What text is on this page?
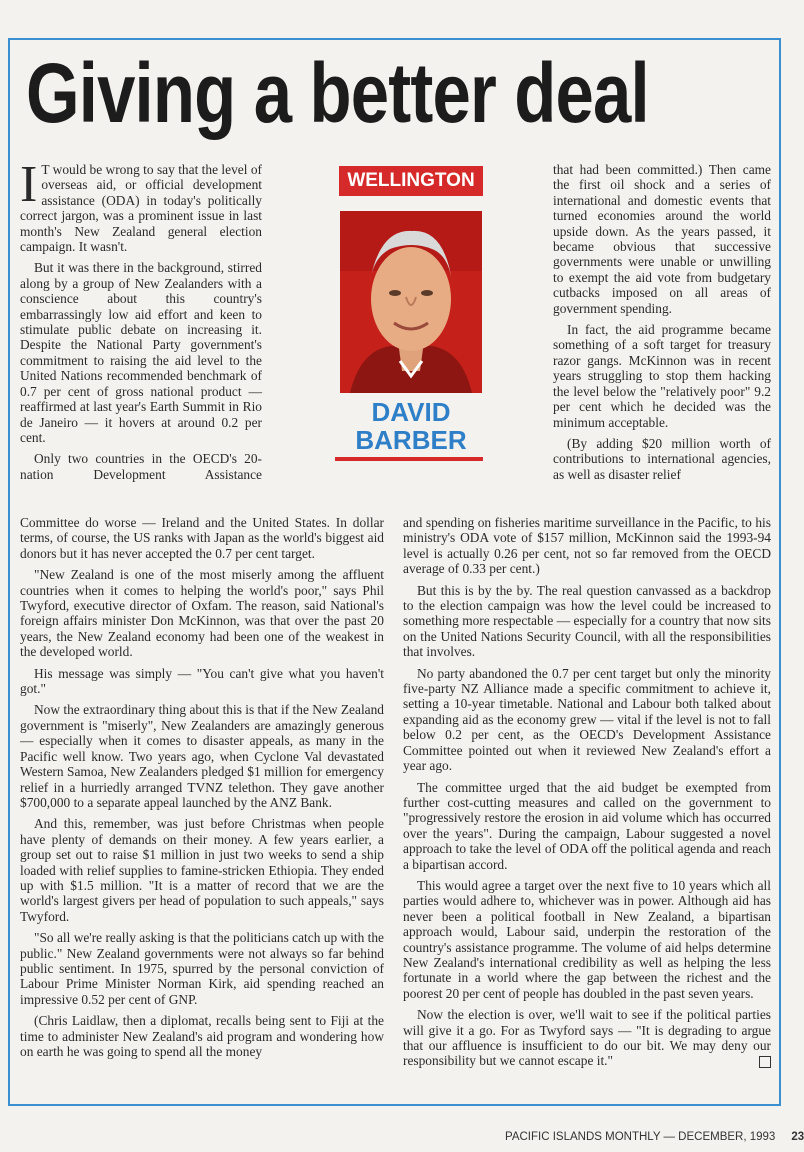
Giving a better deal

I T would be wrong to say that the level of overseas aid, or official development assistance (ODA) in today's politically correct jargon, was a prominent issue in last month's New Zealand general election campaign. It wasn't.

But it was there in the background, stirred along by a group of New Zealanders with a conscience about this country's embarrassingly low aid effort and keen to stimulate public debate on increasing it. Despite the National Party government's commitment to raising the aid level to the United Nations recommended benchmark of 0.7 per cent of gross national product — reaffirmed at last year's Earth Summit in Rio de Janeiro — it hovers at around 0.2 per cent.

Only two countries in the OECD's 20-nation Development Assistance

WELLINGTON
DAVID
BARBER

that had been committed.) Then came the first oil shock and a series of international and domestic events that turned economies around the world upside down. As the years passed, it became obvious that successive governments were unable or unwilling to exempt the aid vote from budgetary cutbacks imposed on all areas of government spending.

In fact, the aid programme became something of a soft target for treasury razor gangs. McKinnon was in recent years struggling to stop them hacking the level below the "relatively poor" 9.2 per cent which he decided was the minimum acceptable.

(By adding $20 million worth of contributions to international agencies, as well as disaster relief

Committee do worse — Ireland and the United States. In dollar terms, of course, the US ranks with Japan as the world's biggest aid donors but it has never accepted the 0.7 per cent target.

"New Zealand is one of the most miserly among the affluent countries when it comes to helping the world's poor," says Phil Twyford, executive director of Oxfam. The reason, said National's foreign affairs minister Don McKinnon, was that over the past 20 years, the New Zealand economy had been one of the weakest in the developed world.

His message was simply — "You can't give what you haven't got."

Now the extraordinary thing about this is that if the New Zealand government is "miserly", New Zealanders are amazingly generous — especially when it comes to disaster appeals, as many in the Pacific well know. Two years ago, when Cyclone Val devastated Western Samoa, New Zealanders pledged $1 million for emergency relief in a hurriedly arranged TVNZ telethon. They gave another $700,000 to a separate appeal launched by the ANZ Bank.

And this, remember, was just before Christmas when people have plenty of demands on their money. A few years earlier, a group set out to raise $1 million in just two weeks to send a ship loaded with relief supplies to famine-stricken Ethiopia. They ended up with $1.5 million. "It is a matter of record that we are the world's largest givers per head of population to such appeals," says Twyford.

"So all we're really asking is that the politicians catch up with the public." New Zealand governments were not always so far behind public sentiment. In 1975, spurred by the personal conviction of Labour Prime Minister Norman Kirk, aid spending reached an impressive 0.52 per cent of GNP.

(Chris Laidlaw, then a diplomat, recalls being sent to Fiji at the time to administer New Zealand's aid program and wondering how on earth he was going to spend all the money

and spending on fisheries maritime surveillance in the Pacific, to his ministry's ODA vote of $157 million, McKinnon said the 1993-94 level is actually 0.26 per cent, not so far removed from the OECD average of 0.33 per cent.)

But this is by the by. The real question canvassed as a backdrop to the election campaign was how the level could be increased to something more respectable — especially for a country that now sits on the United Nations Security Council, with all the responsibilities that involves.

No party abandoned the 0.7 per cent target but only the minority five-party NZ Alliance made a specific commitment to achieve it, setting a 10-year timetable. National and Labour both talked about expanding aid as the economy grew — vital if the level is not to fall below 0.2 per cent, as the OECD's Development Assistance Committee pointed out when it reviewed New Zealand's effort a year ago.

The committee urged that the aid budget be exempted from further cost-cutting measures and called on the government to "progressively restore the erosion in aid volume which has occurred over the years". During the campaign, Labour suggested a novel approach to take the level of ODA off the political agenda and reach a bipartisan accord.

This would agree a target over the next five to 10 years which all parties would adhere to, whichever was in power. Although aid has never been a political football in New Zealand, a bipartisan approach would, Labour said, underpin the restoration of the country's assistance programme. The volume of aid helps determine New Zealand's international credibility as well as helping the less fortunate in a world where the gap between the richest and the poorest 20 per cent of people has doubled in the past seven years.

Now the election is over, we'll wait to see if the political parties will give it a go. For as Twyford says — "It is degrading to argue that our affluence is insufficient to do our bit. We may deny our responsibility but we cannot escape it."

PACIFIC ISLANDS MONTHLY — DECEMBER, 1993 23
